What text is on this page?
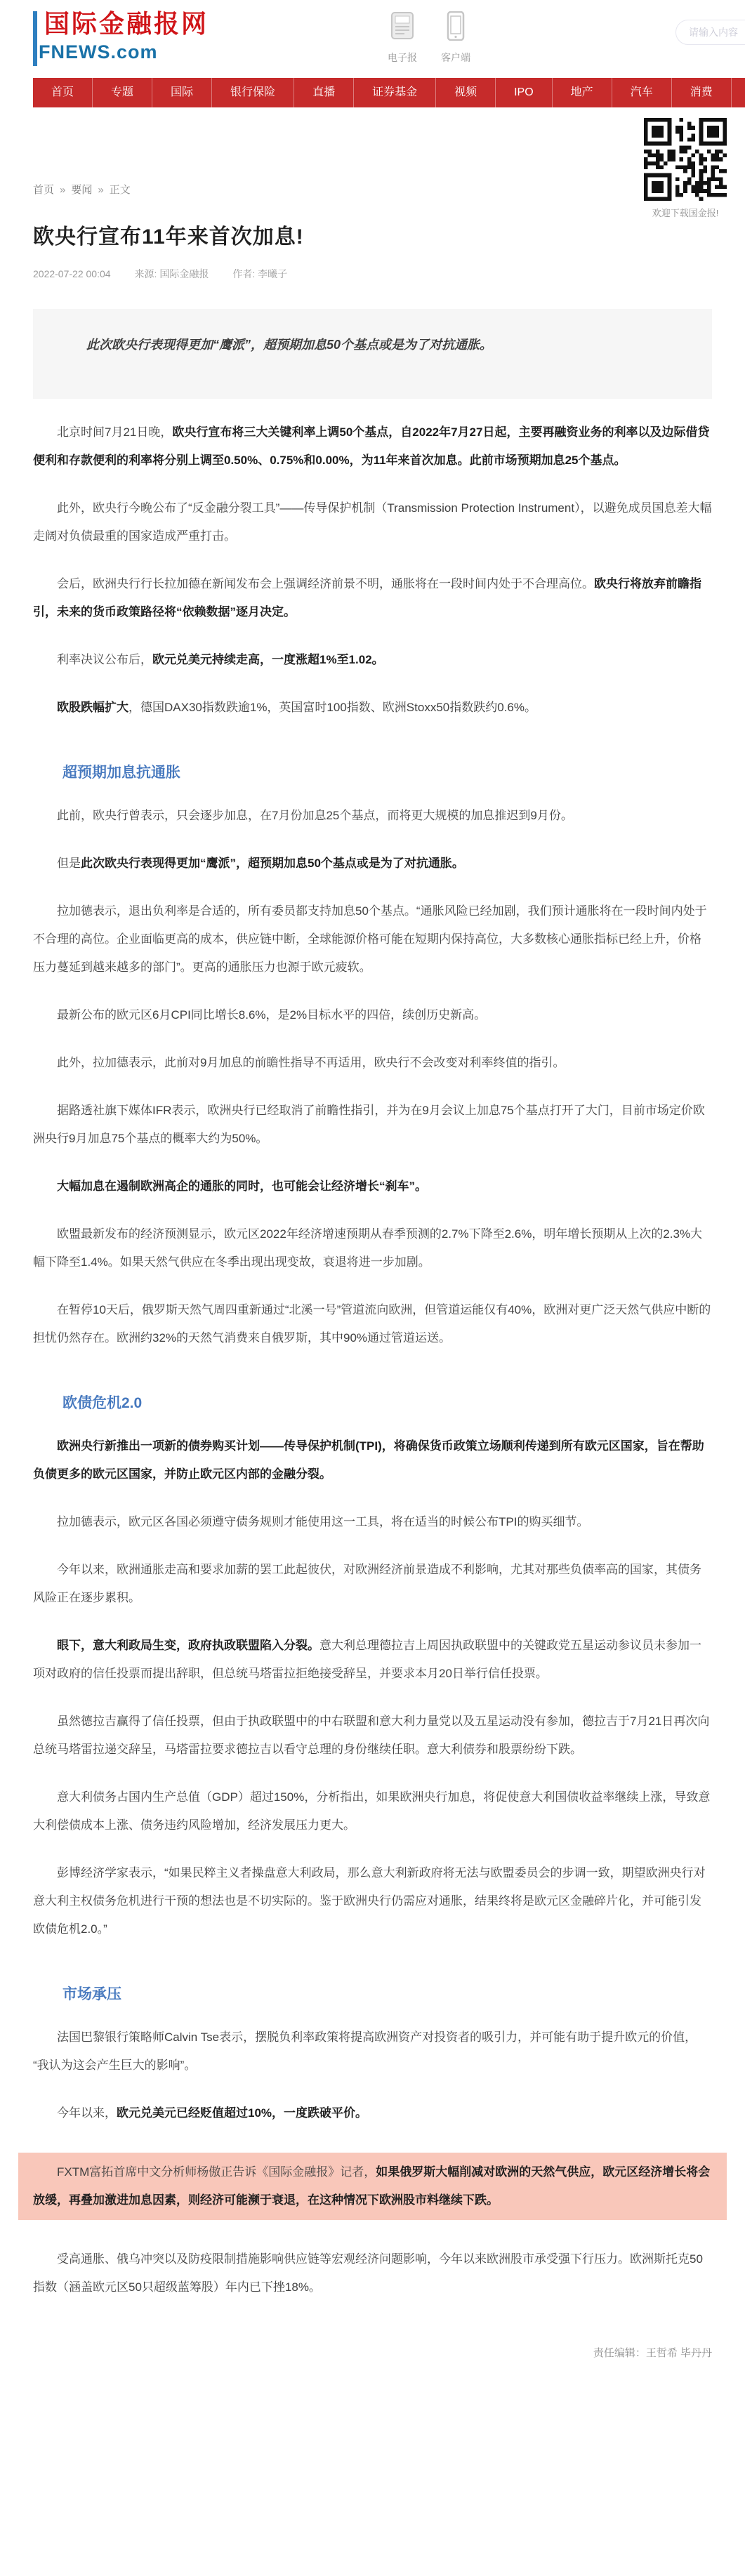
国际金融报网
FNEWS.com	电子报 客户端
请输入内容
首页	专题	国际	银行保险	直播	证券基金	视频	IPO	地产	汽车	消费
欢迎下载国金报!
首页 » 要闻 » 正文
欧央行宣布11年来首次加息!
2022-07-22 00:04 来源: 国际金融报 作者: 李曦子
此次欧央行表现得更加“鹰派”，超预期加息50个基点或是为了对抗通胀。

北京时间7月21日晚，欧央行宣布将三大关键利率上调50个基点，自2022年7月27日起，主要再融资业务的利率以及边际借贷便利和存款便利的利率将分别上调至0.50%、0.75%和0.00%，为11年来首次加息。此前市场预期加息25个基点。

此外，欧央行今晚公布了“反金融分裂工具”——传导保护机制（Transmission Protection Instrument），以避免成员国息差大幅走阔对负债最重的国家造成严重打击。

会后，欧洲央行行长拉加德在新闻发布会上强调经济前景不明，通胀将在一段时间内处于不合理高位。欧央行将放弃前瞻指引，未来的货币政策路径将“依赖数据”逐月决定。

利率决议公布后，欧元兑美元持续走高，一度涨超1%至1.02。

欧股跌幅扩大，德国DAX30指数跌逾1%，英国富时100指数、欧洲Stoxx50指数跌约0.6%。

超预期加息抗通胀

此前，欧央行曾表示，只会逐步加息，在7月份加息25个基点，而将更大规模的加息推迟到9月份。

但是此次欧央行表现得更加“鹰派”，超预期加息50个基点或是为了对抗通胀。

拉加德表示，退出负利率是合适的，所有委员都支持加息50个基点。“通胀风险已经加剧，我们预计通胀将在一段时间内处于不合理的高位。企业面临更高的成本，供应链中断，全球能源价格可能在短期内保持高位，大多数核心通胀指标已经上升，价格压力蔓延到越来越多的部门”。更高的通胀压力也源于欧元疲软。

最新公布的欧元区6月CPI同比增长8.6%，是2%目标水平的四倍，续创历史新高。

此外，拉加德表示，此前对9月加息的前瞻性指导不再适用，欧央行不会改变对利率终值的指引。

据路透社旗下媒体IFR表示，欧洲央行已经取消了前瞻性指引，并为在9月会议上加息75个基点打开了大门，目前市场定价欧洲央行9月加息75个基点的概率大约为50%。

大幅加息在遏制欧洲高企的通胀的同时，也可能会让经济增长“刹车”。

欧盟最新发布的经济预测显示，欧元区2022年经济增速预期从春季预测的2.7%下降至2.6%，明年增长预期从上次的2.3%大幅下降至1.4%。如果天然气供应在冬季出现出现变故，衰退将进一步加剧。

在暂停10天后，俄罗斯天然气周四重新通过“北溪一号”管道流向欧洲，但管道运能仅有40%，欧洲对更广泛天然气供应中断的担忧仍然存在。欧洲约32%的天然气消费来自俄罗斯，其中90%通过管道运送。

欧债危机2.0

欧洲央行新推出一项新的债券购买计划——传导保护机制(TPI)，将确保货币政策立场顺利传递到所有欧元区国家，旨在帮助负债更多的欧元区国家，并防止欧元区内部的金融分裂。

拉加德表示，欧元区各国必须遵守债务规则才能使用这一工具，将在适当的时候公布TPI的购买细节。

今年以来，欧洲通胀走高和要求加薪的罢工此起彼伏，对欧洲经济前景造成不利影响，尤其对那些负债率高的国家，其债务风险正在逐步累积。

眼下，意大利政局生变，政府执政联盟陷入分裂。意大利总理德拉吉上周因执政联盟中的关键政党五星运动参议员未参加一项对政府的信任投票而提出辞职，但总统马塔雷拉拒绝接受辞呈，并要求本月20日举行信任投票。

虽然德拉吉赢得了信任投票，但由于执政联盟中的中右联盟和意大利力量党以及五星运动没有参加，德拉吉于7月21日再次向总统马塔雷拉递交辞呈，马塔雷拉要求德拉吉以看守总理的身份继续任职。意大利债券和股票纷纷下跌。

意大利债务占国内生产总值（GDP）超过150%，分析指出，如果欧洲央行加息，将促使意大利国债收益率继续上涨，导致意大利偿债成本上涨、债务违约风险增加，经济发展压力更大。

彭博经济学家表示，“如果民粹主义者操盘意大利政局，那么意大利新政府将无法与欧盟委员会的步调一致，期望欧洲央行对意大利主权债务危机进行干预的想法也是不切实际的。鉴于欧洲央行仍需应对通胀，结果终将是欧元区金融碎片化，并可能引发欧债危机2.0。”

市场承压

法国巴黎银行策略师Calvin Tse表示，摆脱负利率政策将提高欧洲资产对投资者的吸引力，并可能有助于提升欧元的价值，“我认为这会产生巨大的影响”。

今年以来，欧元兑美元已经贬值超过10%，一度跌破平价。

FXTM富拓首席中文分析师杨傲正告诉《国际金融报》记者，如果俄罗斯大幅削减对欧洲的天然气供应，欧元区经济增长将会放缓，再叠加激进加息因素，则经济可能濒于衰退，在这种情况下欧洲股市料继续下跌。

受高通胀、俄乌冲突以及防疫限制措施影响供应链等宏观经济问题影响，今年以来欧洲股市承受强下行压力。欧洲斯托克50指数（涵盖欧元区50只超级蓝筹股）年内已下挫18%。

责任编辑：王哲希 毕丹丹
